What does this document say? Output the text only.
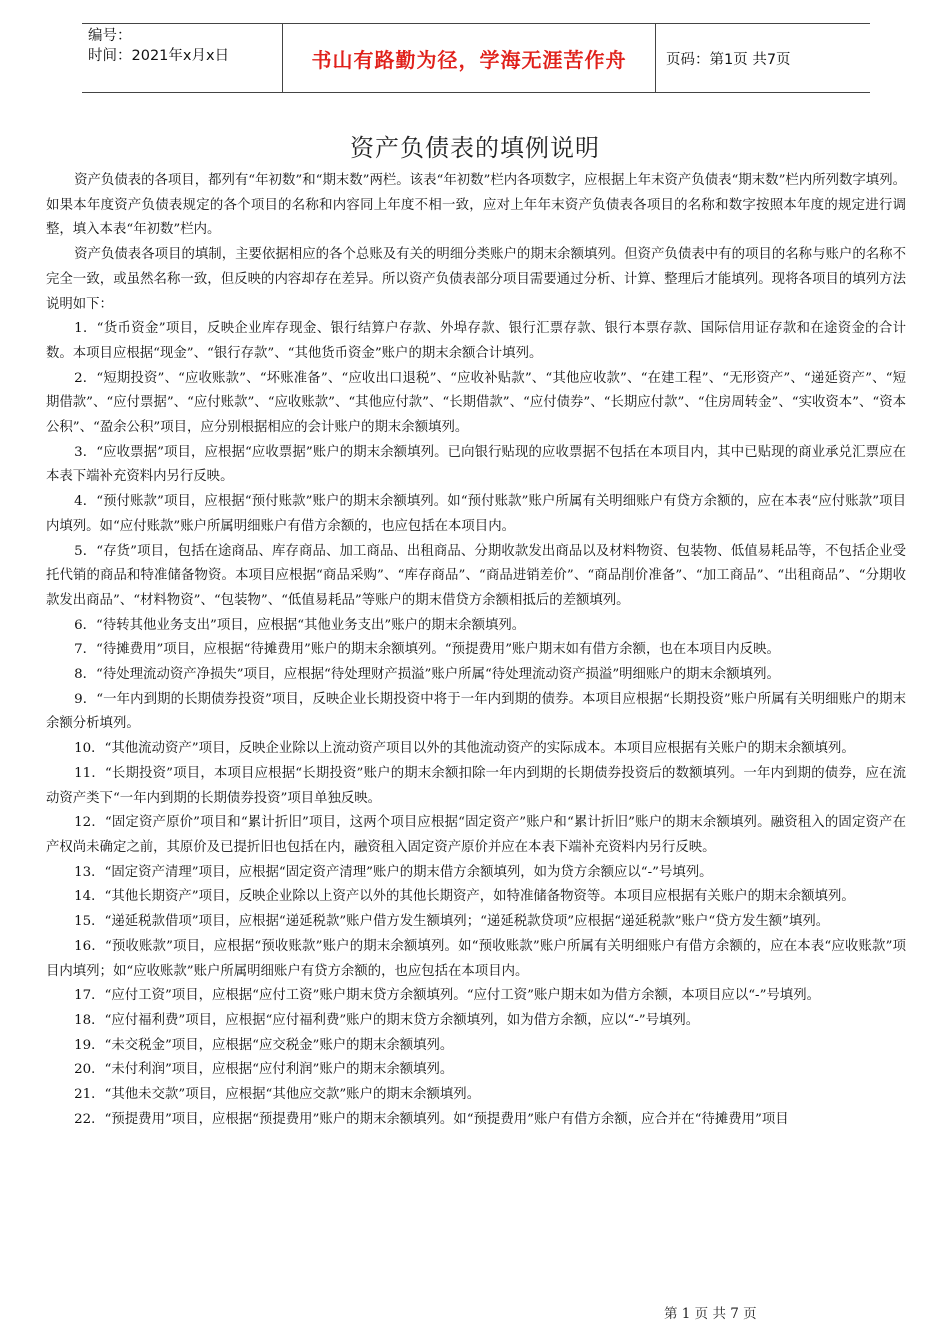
编号：
时间：2021年x月x日	书山有路勤为径，学海无涯苦作舟	页码：第1页 共7页
资产负债表的填例说明

资产负债表的各项目，都列有“年初数”和“期末数”两栏。该表“年初数”栏内各项数字，应根据上年末资产负债表“期末数”栏内所列数字填列。如果本年度资产负债表规定的各个项目的名称和内容同上年度不相一致，应对上年年末资产负债表各项目的名称和数字按照本年度的规定进行调整，填入本表“年初数”栏内。

资产负债表各项目的填制，主要依据相应的各个总账及有关的明细分类账户的期末余额填列。但资产负债表中有的项目的名称与账户的名称不完全一致，或虽然名称一致，但反映的内容却存在差异。所以资产负债表部分项目需要通过分析、计算、整理后才能填列。现将各项目的填列方法说明如下：

1．“货币资金”项目，反映企业库存现金、银行结算户存款、外埠存款、银行汇票存款、银行本票存款、国际信用证存款和在途资金的合计数。本项目应根据“现金”、“银行存款”、“其他货币资金”账户的期末余额合计填列。

2．“短期投资”、“应收账款”、“坏账准备”、“应收出口退税”、“应收补贴款”、“其他应收款”、“在建工程”、“无形资产”、“递延资产”、“短期借款”、“应付票据”、“应付账款”、“应收账款”、“其他应付款”、“长期借款”、“应付债券”、“长期应付款”、“住房周转金”、“实收资本”、“资本公积”、“盈余公积”项目，应分别根据相应的会计账户的期末余额填列。

3．“应收票据”项目，应根据“应收票据”账户的期末余额填列。已向银行贴现的应收票据不包括在本项目内，其中已贴现的商业承兑汇票应在本表下端补充资料内另行反映。

4．“预付账款”项目，应根据“预付账款”账户的期末余额填列。如“预付账款”账户所属有关明细账户有贷方余额的，应在本表“应付账款”项目内填列。如“应付账款”账户所属明细账户有借方余额的，也应包括在本项目内。

5．“存货”项目，包括在途商品、库存商品、加工商品、出租商品、分期收款发出商品以及材料物资、包装物、低值易耗品等，不包括企业受托代销的商品和特准储备物资。本项目应根据“商品采购”、“库存商品”、“商品进销差价”、“商品削价准备”、“加工商品”、“出租商品”、“分期收款发出商品”、“材料物资”、“包装物”、“低值易耗品”等账户的期末借贷方余额相抵后的差额填列。

6．“待转其他业务支出”项目，应根据“其他业务支出”账户的期末余额填列。

7．“待摊费用”项目，应根据“待摊费用”账户的期末余额填列。“预提费用”账户期末如有借方余额，也在本项目内反映。

8．“待处理流动资产净损失”项目，应根据“待处理财产损溢”账户所属“待处理流动资产损溢”明细账户的期末余额填列。

9．“一年内到期的长期债券投资”项目，反映企业长期投资中将于一年内到期的债券。本项目应根据“长期投资”账户所属有关明细账户的期末余额分析填列。

10．“其他流动资产”项目，反映企业除以上流动资产项目以外的其他流动资产的实际成本。本项目应根据有关账户的期末余额填列。

11．“长期投资”项目，本项目应根据“长期投资”账户的期末余额扣除一年内到期的长期债券投资后的数额填列。一年内到期的债券，应在流动资产类下“一年内到期的长期债券投资”项目单独反映。

12．“固定资产原价”项目和“累计折旧”项目，这两个项目应根据“固定资产”账户和“累计折旧”账户的期末余额填列。融资租入的固定资产在产权尚未确定之前，其原价及已提折旧也包括在内，融资租入固定资产原价并应在本表下端补充资料内另行反映。

13．“固定资产清理”项目，应根据“固定资产清理”账户的期末借方余额填列，如为贷方余额应以“-”号填列。

14．“其他长期资产”项目，反映企业除以上资产以外的其他长期资产，如特准储备物资等。本项目应根据有关账户的期末余额填列。

15．“递延税款借项”项目，应根据“递延税款”账户借方发生额填列；“递延税款贷项”应根据“递延税款”账户“贷方发生额”填列。

16．“预收账款”项目，应根据“预收账款”账户的期末余额填列。如“预收账款”账户所属有关明细账户有借方余额的，应在本表“应收账款”项目内填列；如“应收账款”账户所属明细账户有贷方余额的，也应包括在本项目内。

17．“应付工资”项目，应根据“应付工资”账户期末贷方余额填列。“应付工资”账户期末如为借方余额，本项目应以“-”号填列。

18．“应付福利费”项目，应根据“应付福利费”账户的期末贷方余额填列，如为借方余额，应以“-”号填列。

19．“未交税金”项目，应根据“应交税金”账户的期末余额填列。

20．“未付利润”项目，应根据“应付利润”账户的期末余额填列。

21．“其他未交款”项目，应根据“其他应交款”账户的期末余额填列。

22．“预提费用”项目，应根据“预提费用”账户的期末余额填列。如“预提费用”账户有借方余额，应合并在“待摊费用”项目

第 1 页 共 7 页
